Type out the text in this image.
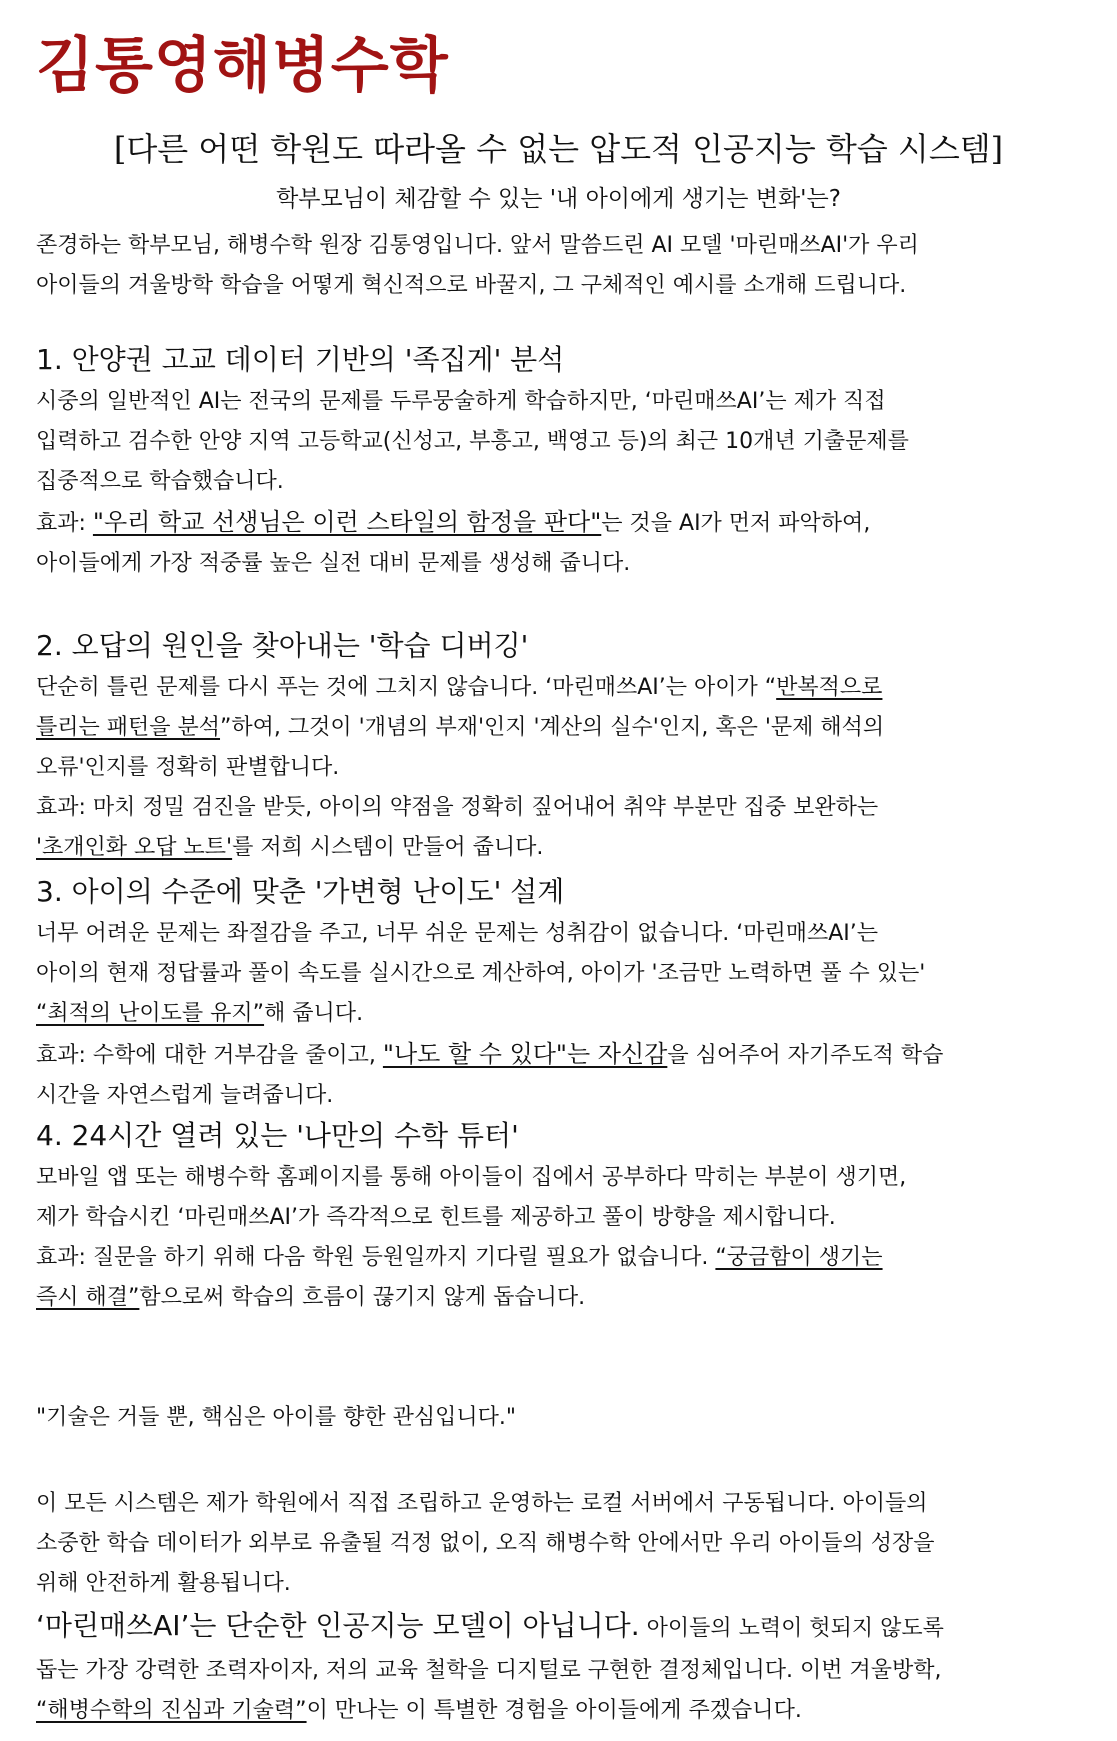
김통영해병수학
[다른 어떤 학원도 따라올 수 없는 압도적 인공지능 학습 시스템]

학부모님이 체감할 수 있는 '내 아이에게 생기는 변화'는?

존경하는 학부모님, 해병수학 원장 김통영입니다. 앞서 말씀드린 AI 모델 '마린매쓰AI'가 우리

아이들의 겨울방학 학습을 어떻게 혁신적으로 바꿀지, 그 구체적인 예시를 소개해 드립니다.

1. 안양권 고교 데이터 기반의 '족집게' 분석

시중의 일반적인 AI는 전국의 문제를 두루뭉술하게 학습하지만, ‘마린매쓰AI’는 제가 직접

입력하고 검수한 안양 지역 고등학교(신성고, 부흥고, 백영고 등)의 최근 10개년 기출문제를

집중적으로 학습했습니다.

효과: "우리 학교 선생님은 이런 스타일의 함정을 판다"는 것을 AI가 먼저 파악하여,

아이들에게 가장 적중률 높은 실전 대비 문제를 생성해 줍니다.

2. 오답의 원인을 찾아내는 '학습 디버깅'

단순히 틀린 문제를 다시 푸는 것에 그치지 않습니다. ‘마린매쓰AI’는 아이가 “반복적으로

틀리는 패턴을 분석”하여, 그것이 '개념의 부재'인지 '계산의 실수'인지, 혹은 '문제 해석의

오류'인지를 정확히 판별합니다.

효과: 마치 정밀 검진을 받듯, 아이의 약점을 정확히 짚어내어 취약 부분만 집중 보완하는

'초개인화 오답 노트'를 저희 시스템이 만들어 줍니다.

3. 아이의 수준에 맞춘 '가변형 난이도' 설계

너무 어려운 문제는 좌절감을 주고, 너무 쉬운 문제는 성취감이 없습니다. ‘마린매쓰AI’는

아이의 현재 정답률과 풀이 속도를 실시간으로 계산하여, 아이가 '조금만 노력하면 풀 수 있는'

“최적의 난이도를 유지”해 줍니다.

효과: 수학에 대한 거부감을 줄이고, "나도 할 수 있다"는 자신감을 심어주어 자기주도적 학습

시간을 자연스럽게 늘려줍니다.

4. 24시간 열려 있는 '나만의 수학 튜터'

모바일 앱 또는 해병수학 홈페이지를 통해 아이들이 집에서 공부하다 막히는 부분이 생기면,

제가 학습시킨 ‘마린매쓰AI’가 즉각적으로 힌트를 제공하고 풀이 방향을 제시합니다.

효과: 질문을 하기 위해 다음 학원 등원일까지 기다릴 필요가 없습니다. “궁금함이 생기는

즉시 해결”함으로써 학습의 흐름이 끊기지 않게 돕습니다.

"기술은 거들 뿐, 핵심은 아이를 향한 관심입니다."

이 모든 시스템은 제가 학원에서 직접 조립하고 운영하는 로컬 서버에서 구동됩니다. 아이들의

소중한 학습 데이터가 외부로 유출될 걱정 없이, 오직 해병수학 안에서만 우리 아이들의 성장을

위해 안전하게 활용됩니다.

‘마린매쓰AI’는 단순한 인공지능 모델이 아닙니다. 아이들의 노력이 헛되지 않도록

돕는 가장 강력한 조력자이자, 저의 교육 철학을 디지털로 구현한 결정체입니다. 이번 겨울방학,

“해병수학의 진심과 기술력”이 만나는 이 특별한 경험을 아이들에게 주겠습니다.
